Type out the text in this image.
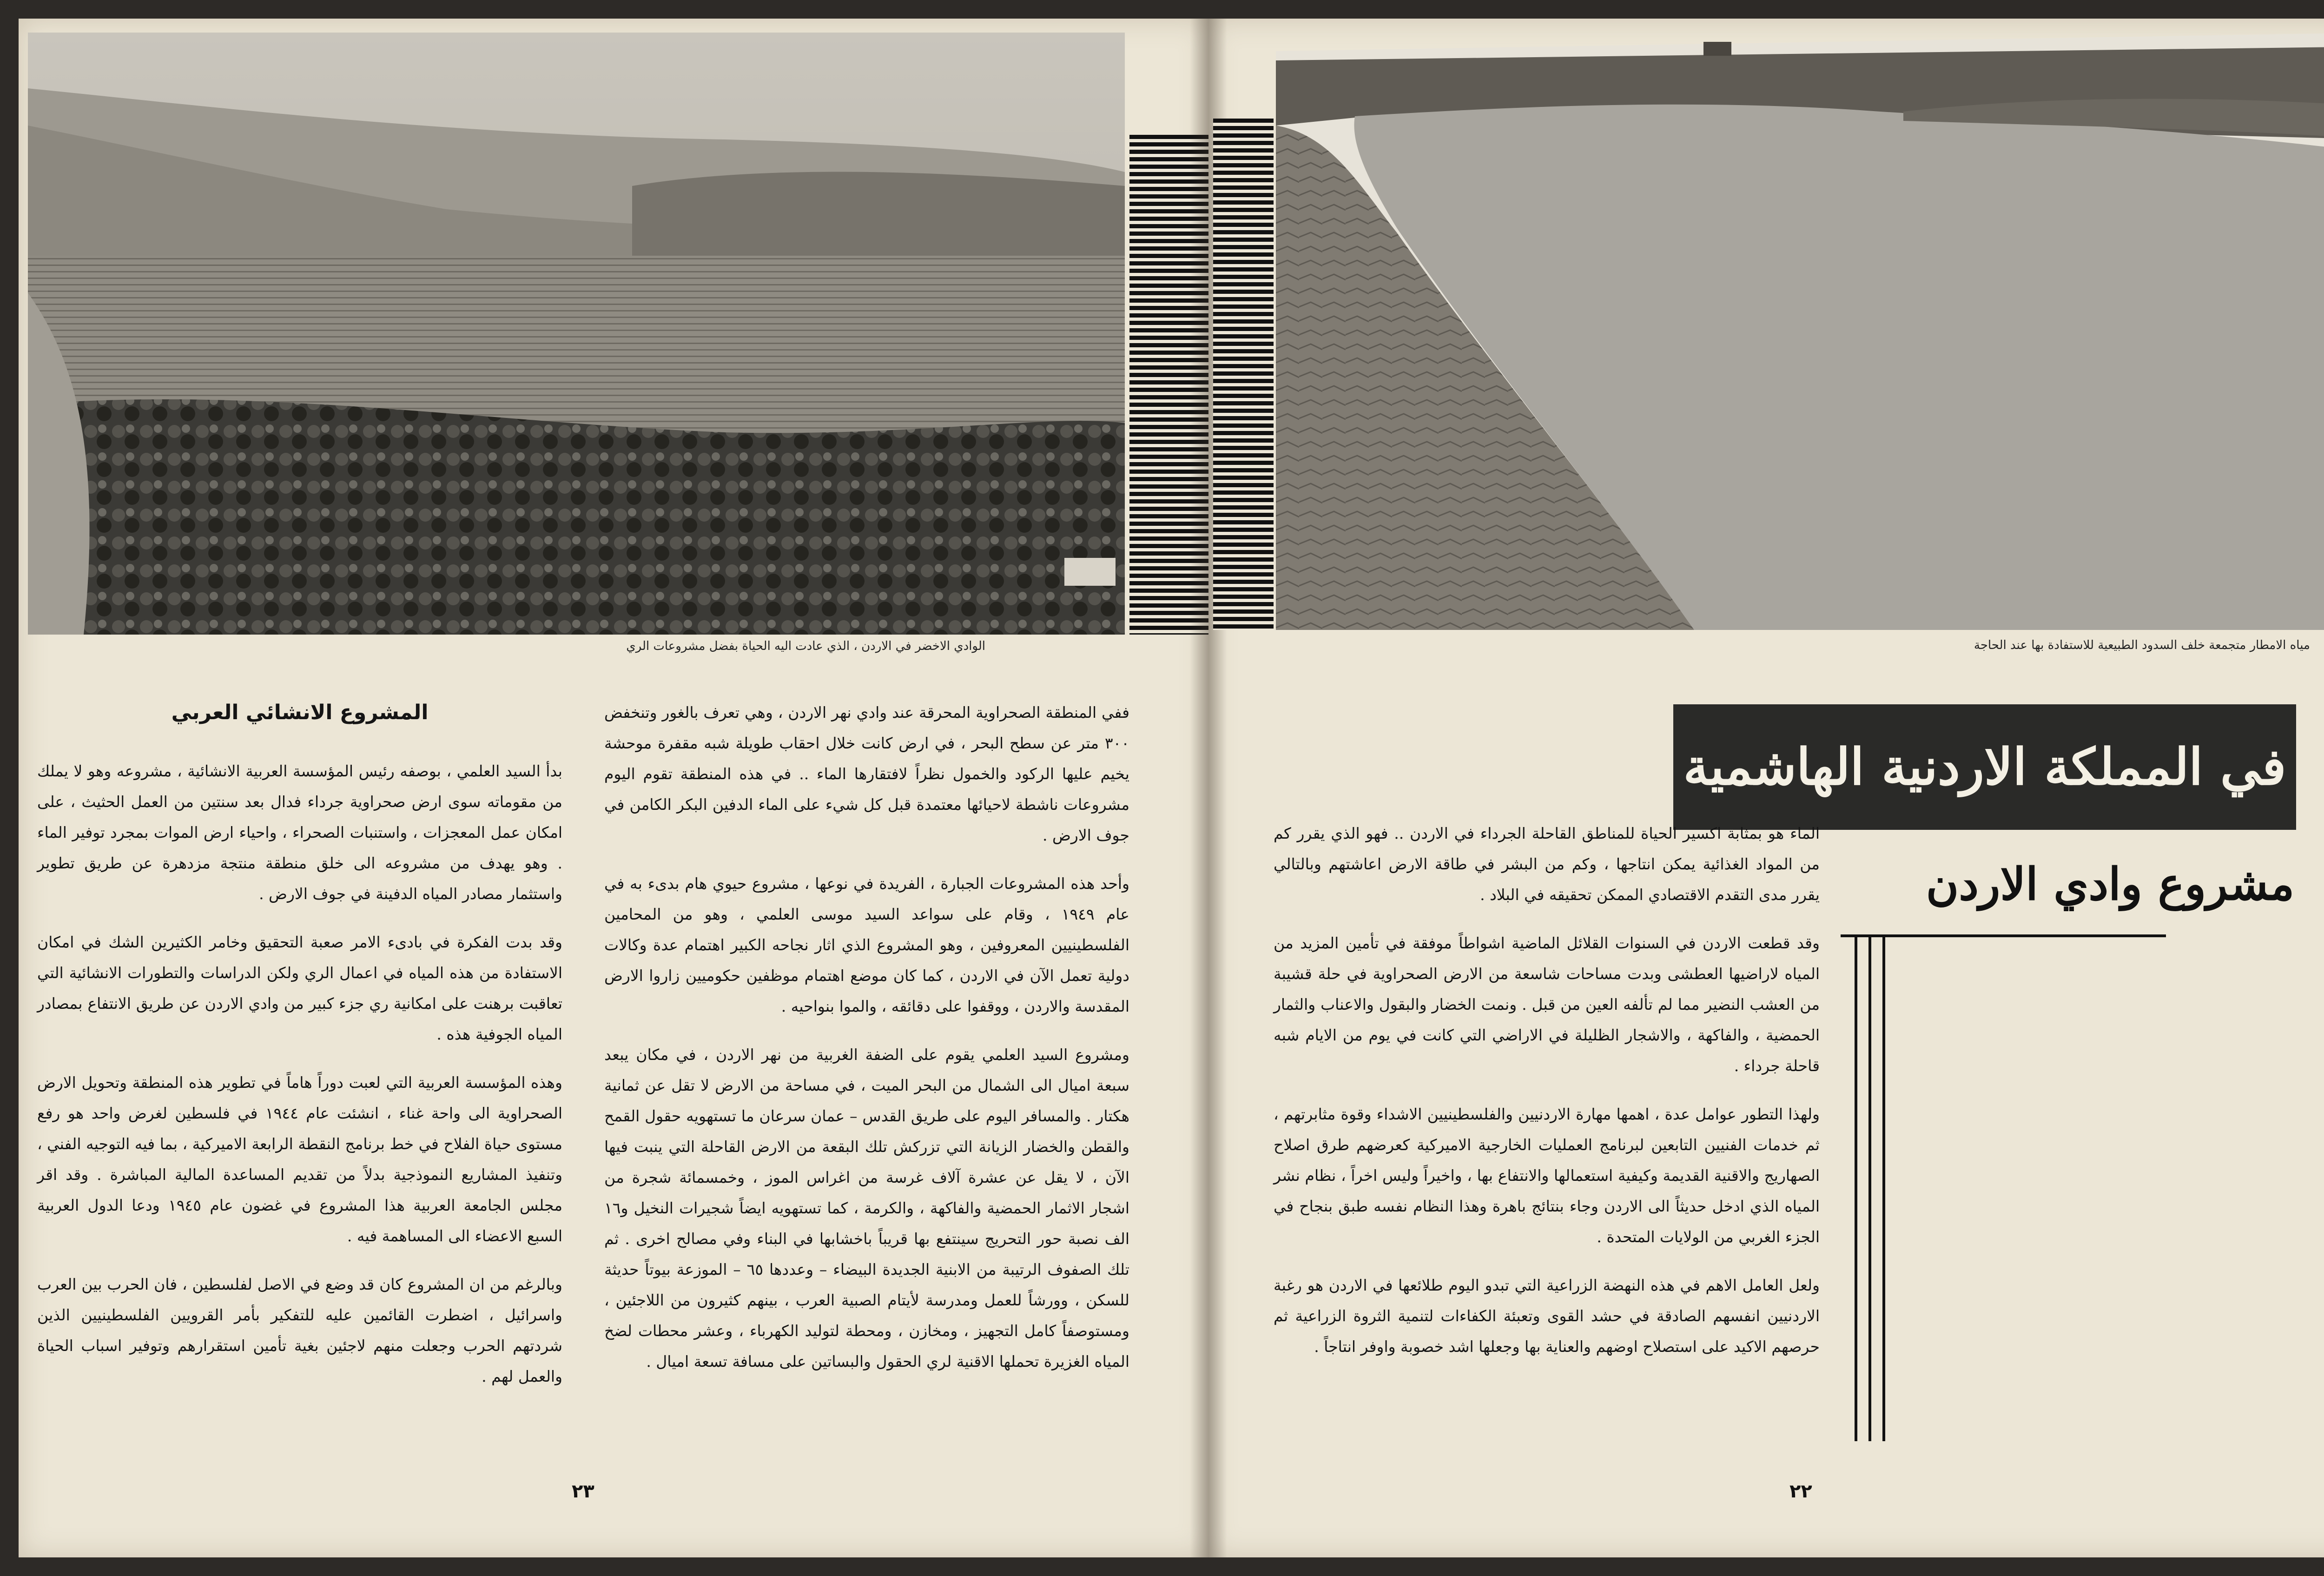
الوادي الاخضر في الاردن ، الذي عادت اليه الحياة بفضل مشروعات الري

ففي المنطقة الصحراوية المحرقة عند وادي نهر الاردن ، وهي تعرف بالغور وتنخفض ٣٠٠ متر عن سطح البحر ، في ارض كانت خلال احقاب طويلة شبه مقفرة موحشة يخيم عليها الركود والخمول نظراً لافتقارها الماء .. في هذه المنطقة تقوم اليوم مشروعات ناشطة لاحيائها معتمدة قبل كل شيء على الماء الدفين البكر الكامن في جوف الارض .

وأحد هذه المشروعات الجبارة ، الفريدة في نوعها ، مشروع حيوي هام بدىء به في عام ١٩٤٩ ، وقام على سواعد السيد موسى العلمي ، وهو من المحامين الفلسطينيين المعروفين ، وهو المشروع الذي اثار نجاحه الكبير اهتمام عدة وكالات دولية تعمل الآن في الاردن ، كما كان موضع اهتمام موظفين حكوميين زاروا الارض المقدسة والاردن ، ووقفوا على دقائقه ، والموا بنواحيه .

ومشروع السيد العلمي يقوم على الضفة الغربية من نهر الاردن ، في مكان يبعد سبعة اميال الى الشمال من البحر الميت ، في مساحة من الارض لا تقل عن ثمانية هكتار . والمسافر اليوم على طريق القدس – عمان سرعان ما تستهويه حقول القمح والقطن والخضار الزيانة التي تزركش تلك البقعة من الارض القاحلة التي ينبت فيها الآن ، لا يقل عن عشرة آلاف غرسة من اغراس الموز ، وخمسمائة شجرة من اشجار الاثمار الحمضية والفاكهة ، والكرمة ، كما تستهويه ايضاً شجيرات النخيل و١٦ الف نصبة حور التحريج سينتفع بها قريباً باخشابها في البناء وفي مصالح اخرى . ثم تلك الصفوف الرتيبة من الابنية الجديدة البيضاء – وعددها ٦٥ – الموزعة بيوتاً حديثة للسكن ، وورشاً للعمل ومدرسة لأيتام الصبية العرب ، بينهم كثيرون من اللاجئين ، ومستوصفاً كامل التجهيز ، ومخازن ، ومحطة لتوليد الكهرباء ، وعشر محطات لضخ المياه الغزيرة تحملها الاقنية لري الحقول والبساتين على مسافة تسعة اميال .

المشروع الانشائي العربي

بدأ السيد العلمي ، بوصفه رئيس المؤسسة العربية الانشائية ، مشروعه وهو لا يملك من مقوماته سوى ارض صحراوية جرداء فدال بعد سنتين من العمل الحثيث ، على امكان عمل المعجزات ، واستنبات الصحراء ، واحياء ارض الموات بمجرد توفير الماء . وهو يهدف من مشروعه الى خلق منطقة منتجة مزدهرة عن طريق تطوير واستثمار مصادر المياه الدفينة في جوف الارض .

وقد بدت الفكرة في بادىء الامر صعبة التحقيق وخامر الكثيرين الشك في امكان الاستفادة من هذه المياه في اعمال الري ولكن الدراسات والتطورات الانشائية التي تعاقبت برهنت على امكانية ري جزء كبير من وادي الاردن عن طريق الانتفاع بمصادر المياه الجوفية هذه .

وهذه المؤسسة العربية التي لعبت دوراً هاماً في تطوير هذه المنطقة وتحويل الارض الصحراوية الى واحة غناء ، انشئت عام ١٩٤٤ في فلسطين لغرض واحد هو رفع مستوى حياة الفلاح في خط برنامج النقطة الرابعة الاميركية ، بما فيه التوجيه الفني ، وتنفيذ المشاريع النموذجية بدلاً من تقديم المساعدة المالية المباشرة . وقد اقر مجلس الجامعة العربية هذا المشروع في غضون عام ١٩٤٥ ودعا الدول العربية السبع الاعضاء الى المساهمة فيه .

وبالرغم من ان المشروع كان قد وضع في الاصل لفلسطين ، فان الحرب بين العرب واسرائيل ، اضطرت القائمين عليه للتفكير بأمر القرويين الفلسطينيين الذين شردتهم الحرب وجعلت منهم لاجئين بغية تأمين استقرارهم وتوفير اسباب الحياة والعمل لهم .

٢٣
مياه الامطار متجمعة خلف السدود الطبيعية للاستفادة بها عند الحاجة
في المملكة الاردنية الهاشمية
مشروع وادي الاردن

الماء هو بمثابة اكسير الحياة للمناطق القاحلة الجرداء في الاردن .. فهو الذي يقرر كم من المواد الغذائية يمكن انتاجها ، وكم من البشر في طاقة الارض اعاشتهم وبالتالي يقرر مدى التقدم الاقتصادي الممكن تحقيقه في البلاد .

وقد قطعت الاردن في السنوات القلائل الماضية اشواطاً موفقة في تأمين المزيد من المياه لاراضيها العطشى وبدت مساحات شاسعة من الارض الصحراوية في حلة قشيبة من العشب النضير مما لم تألفه العين من قبل . ونمت الخضار والبقول والاعناب والثمار الحمضية ، والفاكهة ، والاشجار الظليلة في الاراضي التي كانت في يوم من الايام شبه قاحلة جرداء .

ولهذا التطور عوامل عدة ، اهمها مهارة الاردنيين والفلسطينيين الاشداء وقوة مثابرتهم ، ثم خدمات الفنيين التابعين لبرنامج العمليات الخارجية الاميركية كعرضهم طرق اصلاح الصهاريج والاقنية القديمة وكيفية استعمالها والانتفاع بها ، واخيراً وليس اخراً ، نظام نشر المياه الذي ادخل حديثاً الى الاردن وجاء بنتائج باهرة وهذا النظام نفسه طبق بنجاح في الجزء الغربي من الولايات المتحدة .

ولعل العامل الاهم في هذه النهضة الزراعية التي تبدو اليوم طلائعها في الاردن هو رغبة الاردنيين انفسهم الصادقة في حشد القوى وتعبئة الكفاءات لتنمية الثروة الزراعية ثم حرصهم الاكيد على استصلاح اوضهم والعناية بها وجعلها اشد خصوبة واوفر انتاجاً .

٢٢
